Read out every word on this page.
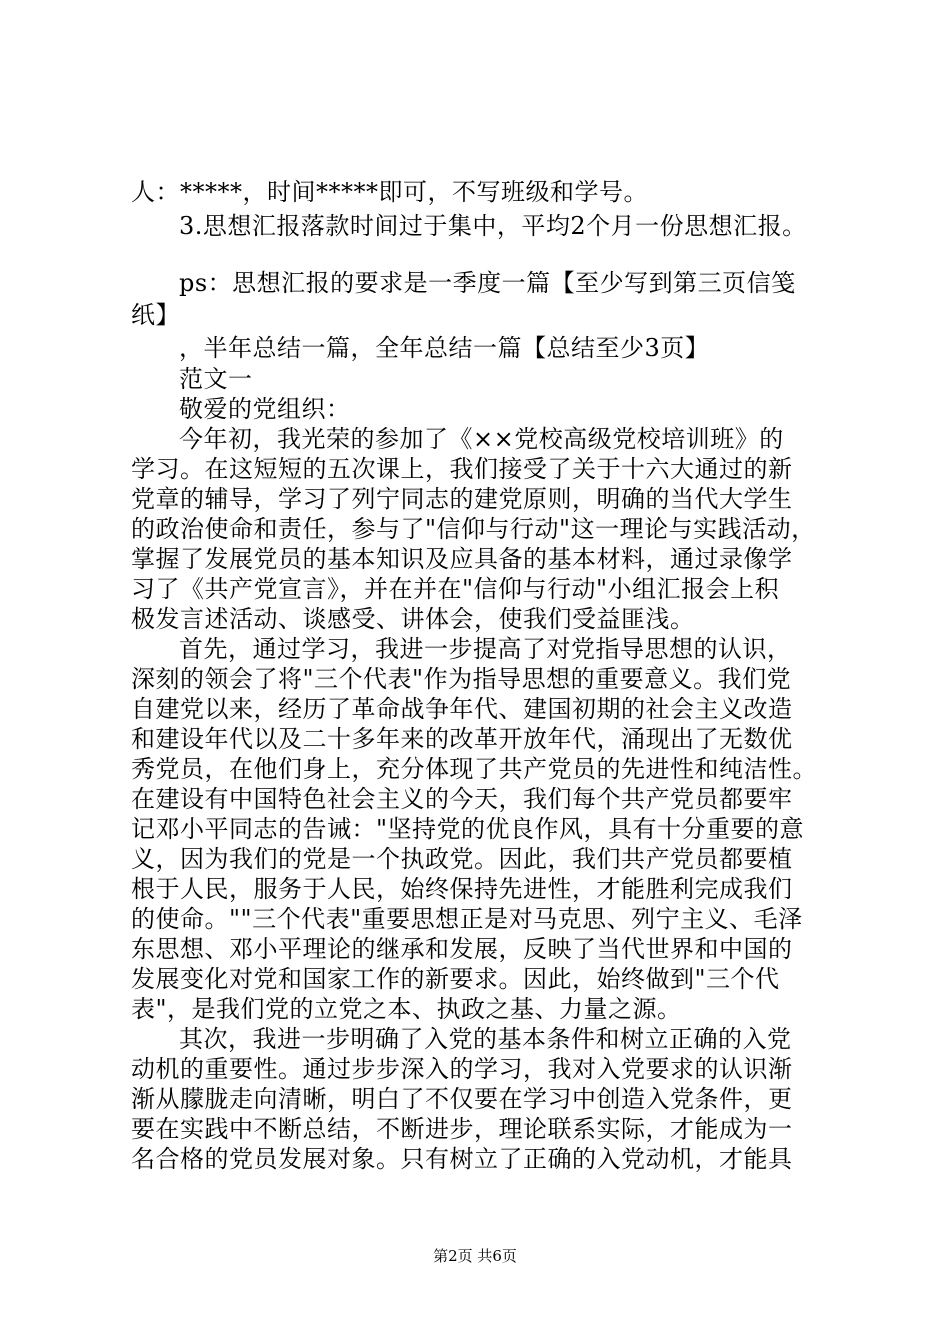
人：*****，时间*****即可，不写班级和学号。
3.思想汇报落款时间过于集中，平均2个月一份思想汇报。
ps：思想汇报的要求是一季度一篇【至少写到第三页信笺
纸】
，半年总结一篇，全年总结一篇【总结至少3页】
范文一
敬爱的党组织：
今年初，我光荣的参加了《××党校高级党校培训班》的
学习。在这短短的五次课上，我们接受了关于十六大通过的新
党章的辅导，学习了列宁同志的建党原则，明确的当代大学生
的政治使命和责任，参与了"信仰与行动"这一理论与实践活动，
掌握了发展党员的基本知识及应具备的基本材料，通过录像学
习了《共产党宣言》，并在并在"信仰与行动"小组汇报会上积
极发言述活动、谈感受、讲体会，使我们受益匪浅。
首先，通过学习，我进一步提高了对党指导思想的认识，
深刻的领会了将"三个代表"作为指导思想的重要意义。我们党
自建党以来，经历了革命战争年代、建国初期的社会主义改造
和建设年代以及二十多年来的改革开放年代，涌现出了无数优
秀党员，在他们身上，充分体现了共产党员的先进性和纯洁性。
在建设有中国特色社会主义的今天，我们每个共产党员都要牢
记邓小平同志的告诫："坚持党的优良作风，具有十分重要的意
义，因为我们的党是一个执政党。因此，我们共产党员都要植
根于人民，服务于人民，始终保持先进性，才能胜利完成我们
的使命。""三个代表"重要思想正是对马克思、列宁主义、毛泽
东思想、邓小平理论的继承和发展，反映了当代世界和中国的
发展变化对党和国家工作的新要求。因此，始终做到"三个代
表"，是我们党的立党之本、执政之基、力量之源。
其次，我进一步明确了入党的基本条件和树立正确的入党
动机的重要性。通过步步深入的学习，我对入党要求的认识渐
渐从朦胧走向清晰，明白了不仅要在学习中创造入党条件，更
要在实践中不断总结，不断进步，理论联系实际，才能成为一
名合格的党员发展对象。只有树立了正确的入党动机，才能具
第2页 共6页
